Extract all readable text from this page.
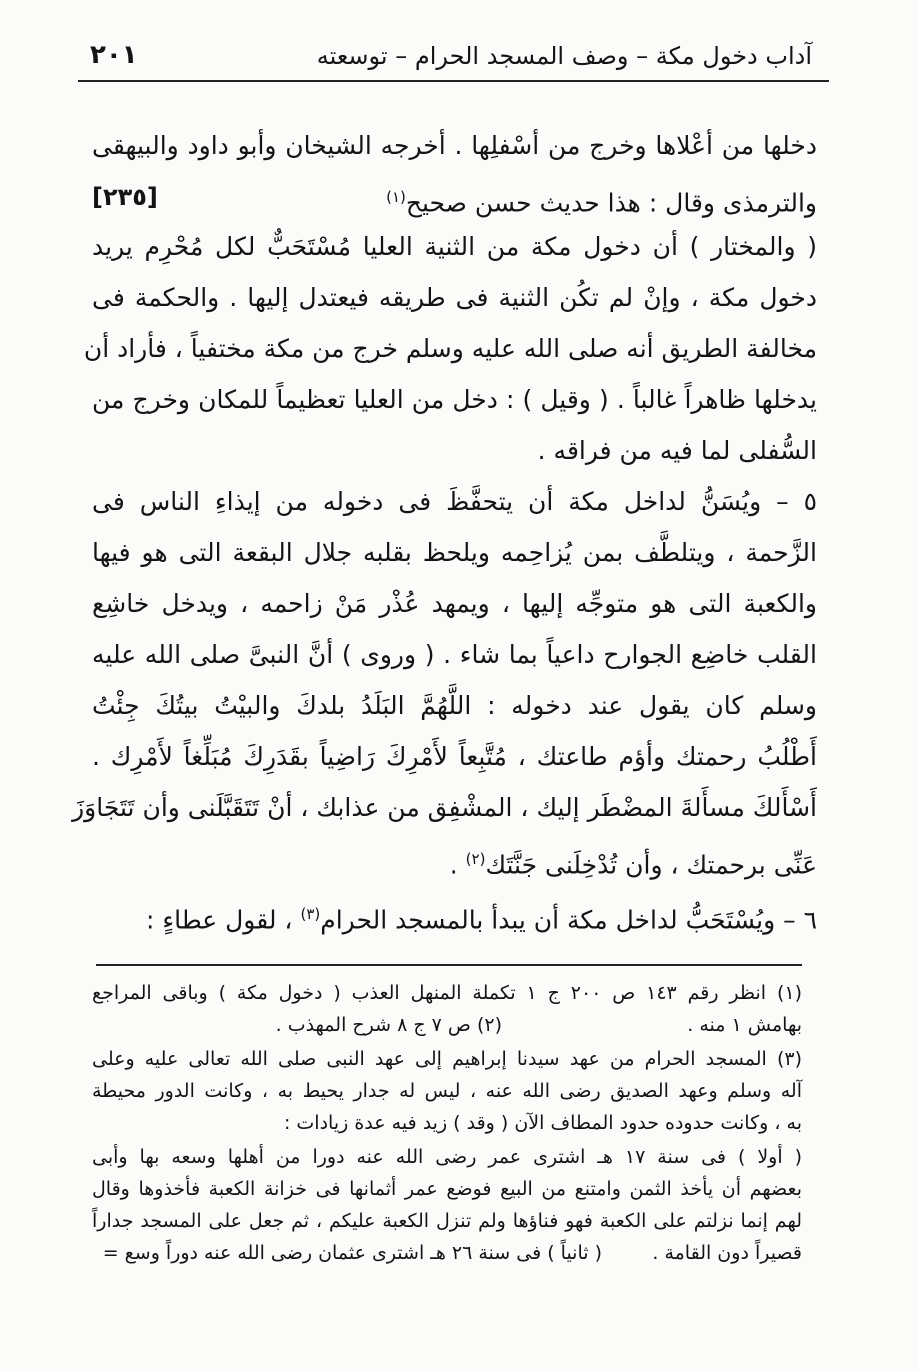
آداب دخول مكة – وصف المسجد الحرام – توسعته
٢٠١
دخلها من أعْلاها وخرج من أسْفلِها . أخرجه الشيخان وأبو داود والبيهقى
[٢٣٥]	والترمذى وقال : هذا حديث حسن صحيح$^{(١)}$
( والمختار ) أن دخول مكة من الثنية العليا مُسْتَحَبٌّ لكل مُحْرِم يريد
دخول مكة ، وإنْ لم تكُن الثنية فى طريقه فيعتدل إليها . والحكمة فى
مخالفة الطريق أنه صلى الله عليه وسلم خرج من مكة مختفياً ، فأراد أن
يدخلها ظاهراً غالباً . ( وقيل ) : دخل من العليا تعظيماً للمكان وخرج من
السُّفلى لما فيه من فراقه .
٥ – ويُسَنُّ لداخل مكة أن يتحفَّظَ فى دخوله من إيذاءِ الناس فى
الزَّحمة ، ويتلطَّف بمن يُزاحِمه ويلحظ بقلبه جلال البقعة التى هو فيها
والكعبة التى هو متوجِّه إليها ، ويمهد عُذْر مَنْ زاحمه ، ويدخل خاشِع
القلب خاضِع الجوارح داعياً بما شاء . ( وروى ) أنَّ النبىَّ صلى الله عليه
وسلم كان يقول عند دخوله : اللَّهُمَّ البَلَدُ بلدكَ والبيْتُ بيتُكَ جِئْتُ
أَطْلُبُ رحمتك وأؤم طاعتك ، مُتَّبِعاً لأَمْرِكَ رَاضِياً بقَدَرِكَ مُبَلِّغاً لأَمْرِك .
أَسْأَلكَ مسأَلةَ المضْطَر إليك ، المشْفِق من عذابك ، أنْ تَتَقَبَّلَنى وأن تَتَجَاوَزَ
عَنِّى برحمتك ، وأن تُدْخِلَنى جَنَّتَك$^{(٢)}$ .
٦ – ويُسْتَحَبُّ لداخل مكة أن يبدأ بالمسجد الحرام$^{(٣)}$ ، لقول عطاءٍ :
(١) انظر رقم ١٤٣ ص ٢٠٠ ج ١ تكملة المنهل العذب ( دخول مكة ) وباقى المراجع
بهامش ١ منه .
(٢) ص ٧ ج ٨ شرح المهذب .
(٣) المسجد الحرام من عهد سيدنا إبراهيم إلى عهد النبى صلى الله تعالى عليه وعلى
آله وسلم وعهد الصديق رضى الله عنه ، ليس له جدار يحيط به ، وكانت الدور محيطة
به ، وكانت حدوده حدود المطاف الآن ( وقد ) زيد فيه عدة زيادات :
( أولا ) فى سنة ١٧ هـ اشترى عمر رضى الله عنه دورا من أهلها وسعه بها وأبى
بعضهم أن يأخذ الثمن وامتنع من البيع فوضع عمر أثمانها فى خزانة الكعبة فأخذوها وقال
لهم إنما نزلتم على الكعبة فهو فناؤها ولم تنزل الكعبة عليكم ، ثم جعل على المسجد جداراً
قصيراً دون القامة .
( ثانياً ) فى سنة ٢٦ هـ اشترى عثمان رضى الله عنه دوراً وسع =
